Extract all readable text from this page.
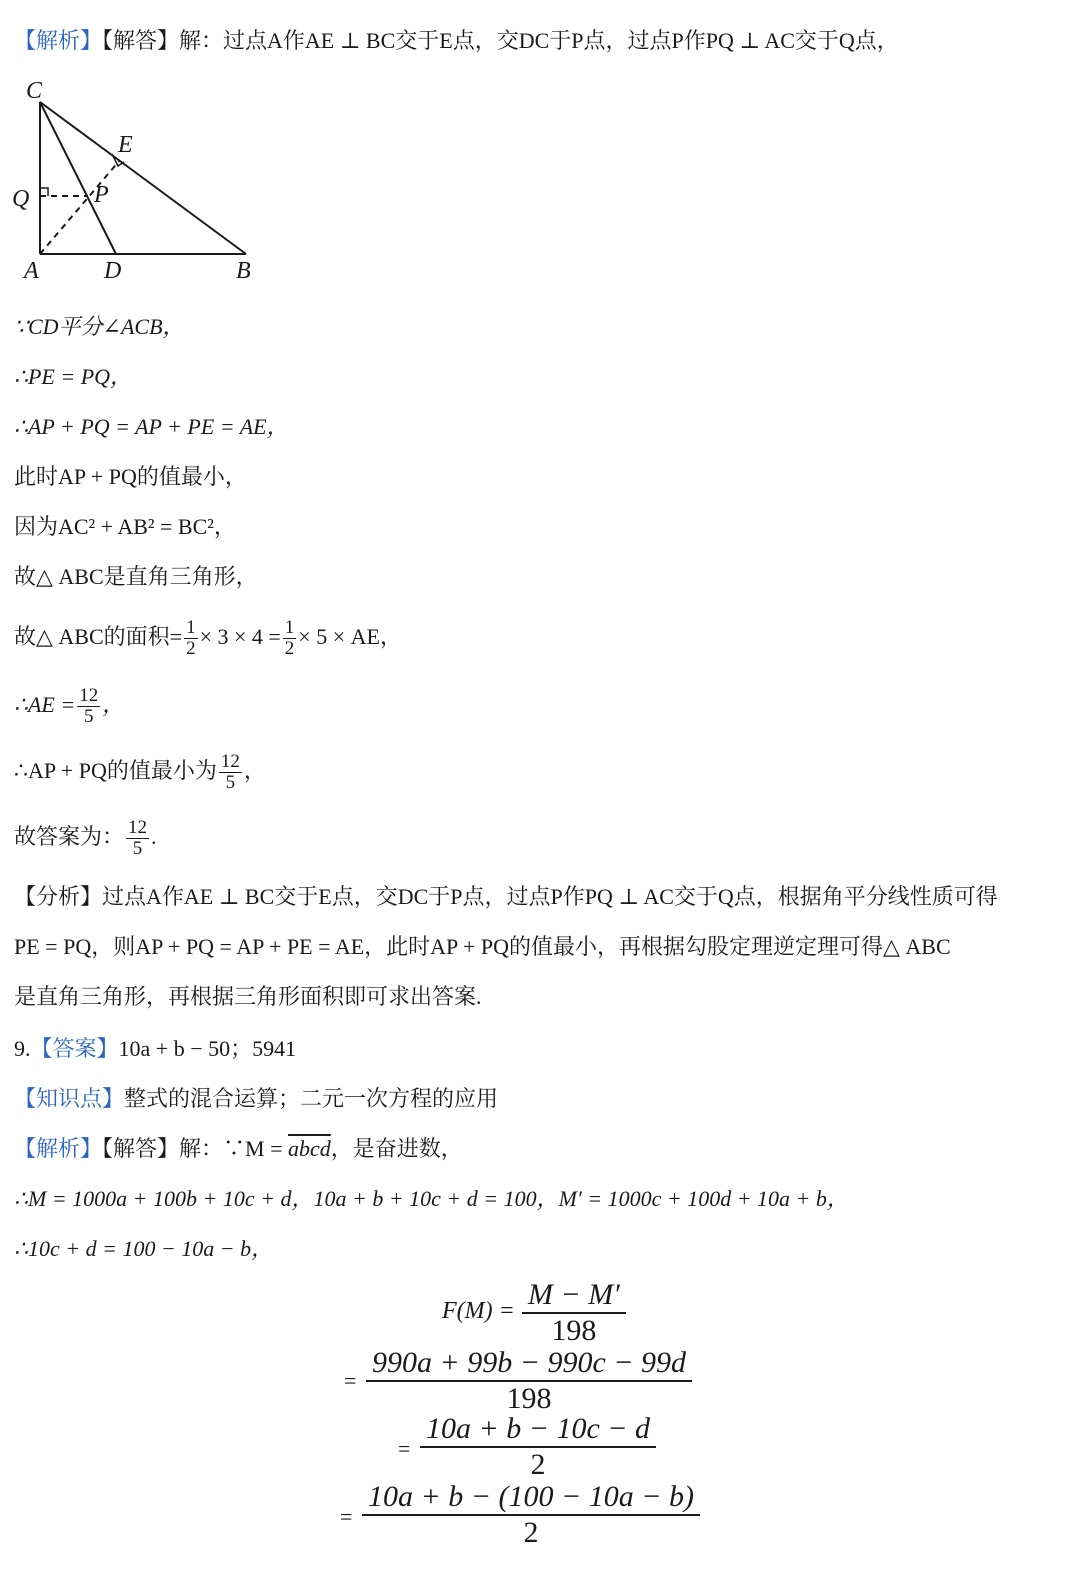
【解析】【解答】解：过点A作AE ⊥ BC交于E点，交DC于P点，过点P作PQ ⊥ AC交于Q点，
C
E
Q	P
A	D	B
∵CD平分∠ACB，
∴PE = PQ，
∴AP + PQ = AP + PE = AE，
此时AP + PQ的值最小，
因为AC² + AB² = BC²，
故△ ABC是直角三角形，
故△ ABC的面积= $\frac{1}{2} \times 3 \times 4 = \frac{1}{2} \times 5$ × AE，
∴AE = $\frac{12}{5}$ ，
∴AP + PQ的值最小为 $\frac{12}{5}$ ，
故答案为： $\frac{12}{5}$ .
【分析】过点A作AE ⊥ BC交于E点，交DC于P点，过点P作PQ ⊥ AC交于Q点，根据角平分线性质可得
PE = PQ，则AP + PQ = AP + PE = AE，此时AP + PQ的值最小，再根据勾股定理逆定理可得△ ABC
是直角三角形，再根据三角形面积即可求出答案.
9.【答案】10a + b − 50；5941
【知识点】整式的混合运算；二元一次方程的应用
【解析】【解答】解：∵M = abcd，是奋进数，
∴M = 1000a + 100b + 10c + d，10a + b + 10c + d = 100，M′ = 1000c + 100d + 10a + b，
∴10c + d = 100 − 10a − b，
$F(M) = \frac{M - M'}{198}$
= $\frac{990a + 99b - 990c - 99d}{198}$
= $\frac{10a + b - 10c - d}{2}$
= $\frac{10a + b - (100 - 10a - b)}{2}$
